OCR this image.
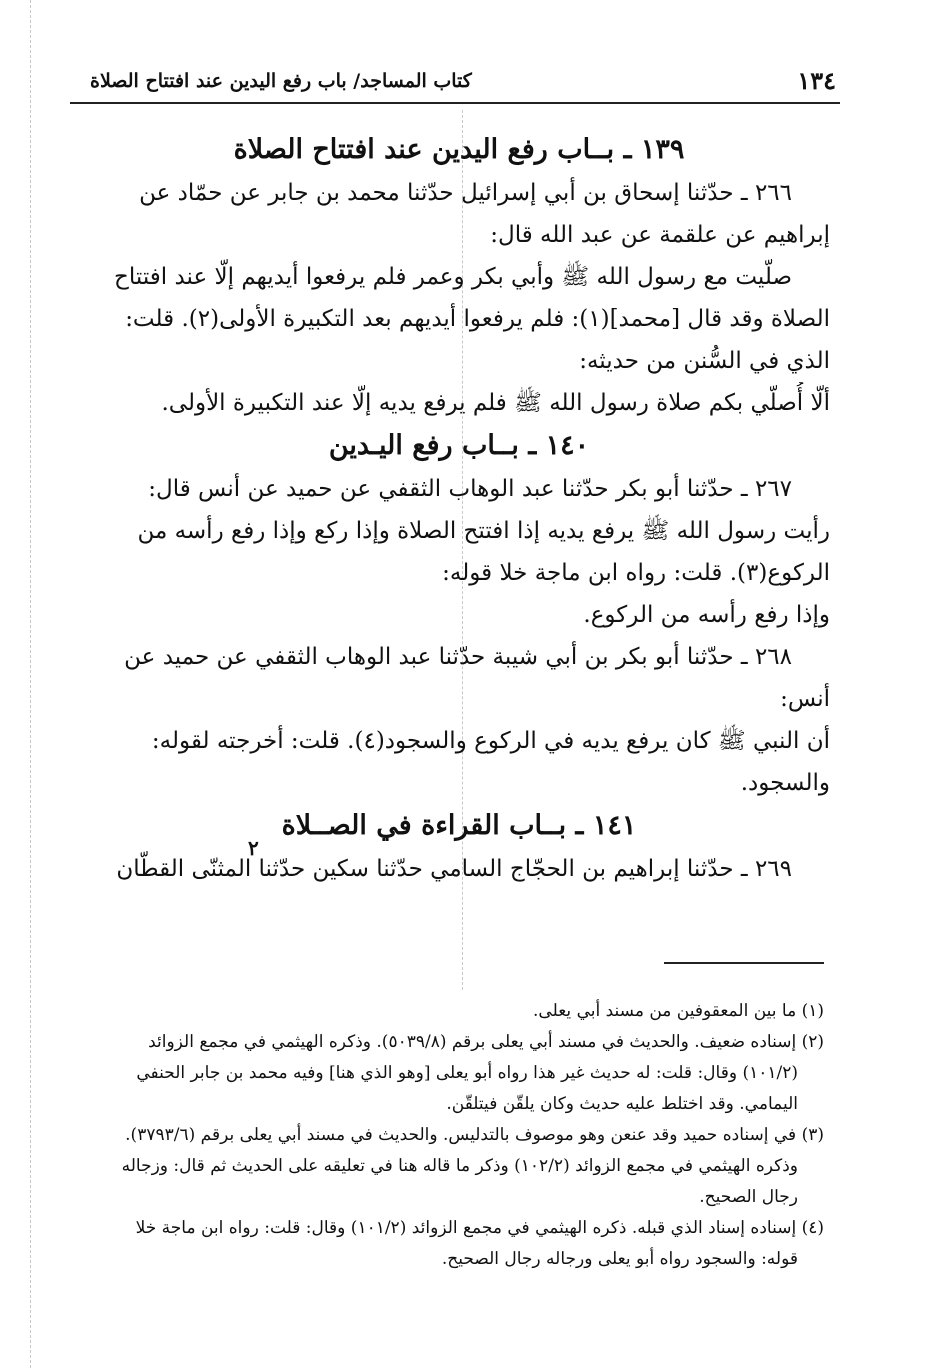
كتاب المساجد/ باب رفع اليدين عند افتتاح الصلاة	١٣٤

١٣٩ ـ بــاب رفع اليدين عند افتتاح الصلاة

٢٦٦ ـ حدّثنا إسحاق بن أبي إسرائيل حدّثنا محمد بن جابر عن حمّاد عن

إبراهيم عن علقمة عن عبد الله قال:

صلّيت مع رسول الله ﷺ وأبي بكر وعمر فلم يرفعوا أيديهم إلّا عند افتتاح

الصلاة وقد قال [محمد](١): فلم يرفعوا أيديهم بعد التكبيرة الأولى(٢). قلت:

الذي في السُّنن من حديثه:

ألّا أُصلّي بكم صلاة رسول الله ﷺ فلم يرفع يديه إلّا عند التكبيرة الأولى.

١٤٠ ـ بــاب رفع اليـدين

٢٦٧ ـ حدّثنا أبو بكر حدّثنا عبد الوهاب الثقفي عن حميد عن أنس قال:

رأيت رسول الله ﷺ يرفع يديه إذا افتتح الصلاة وإذا ركع وإذا رفع رأسه من

الركوع(٣). قلت: رواه ابن ماجة خلا قوله:

وإذا رفع رأسه من الركوع.

٢٦٨ ـ حدّثنا أبو بكر بن أبي شيبة حدّثنا عبد الوهاب الثقفي عن حميد عن

أنس:

أن النبي ﷺ كان يرفع يديه في الركوع والسجود(٤). قلت: أخرجته لقوله:

والسجود.

١٤١ ـ بــاب القراءة في الصــلاة

٢٦٩ ـ حدّثنا إبراهيم بن الحجّاج السامي حدّثنا سكين حدّثنا المثنّى القطّان

٢

(١) ما بين المعقوفين من مسند أبي يعلى.

(٢) إسناده ضعيف. والحديث في مسند أبي يعلى برقم (٥٠٣٩/٨). وذكره الهيثمي في مجمع الزوائد

(١٠١/٢) وقال: قلت: له حديث غير هذا رواه أبو يعلى [وهو الذي هنا] وفيه محمد بن جابر الحنفي

اليمامي. وقد اختلط عليه حديث وكان يلقّن فيتلقّن.

(٣) في إسناده حميد وقد عنعن وهو موصوف بالتدليس. والحديث في مسند أبي يعلى برقم (٣٧٩٣/٦).

وذكره الهيثمي في مجمع الزوائد (١٠٢/٢) وذكر ما قاله هنا في تعليقه على الحديث ثم قال: وزجاله

رجال الصحيح.

(٤) إسناده إسناد الذي قبله. ذكره الهيثمي في مجمع الزوائد (١٠١/٢) وقال: قلت: رواه ابن ماجة خلا

قوله: والسجود رواه أبو يعلى ورجاله رجال الصحيح.
